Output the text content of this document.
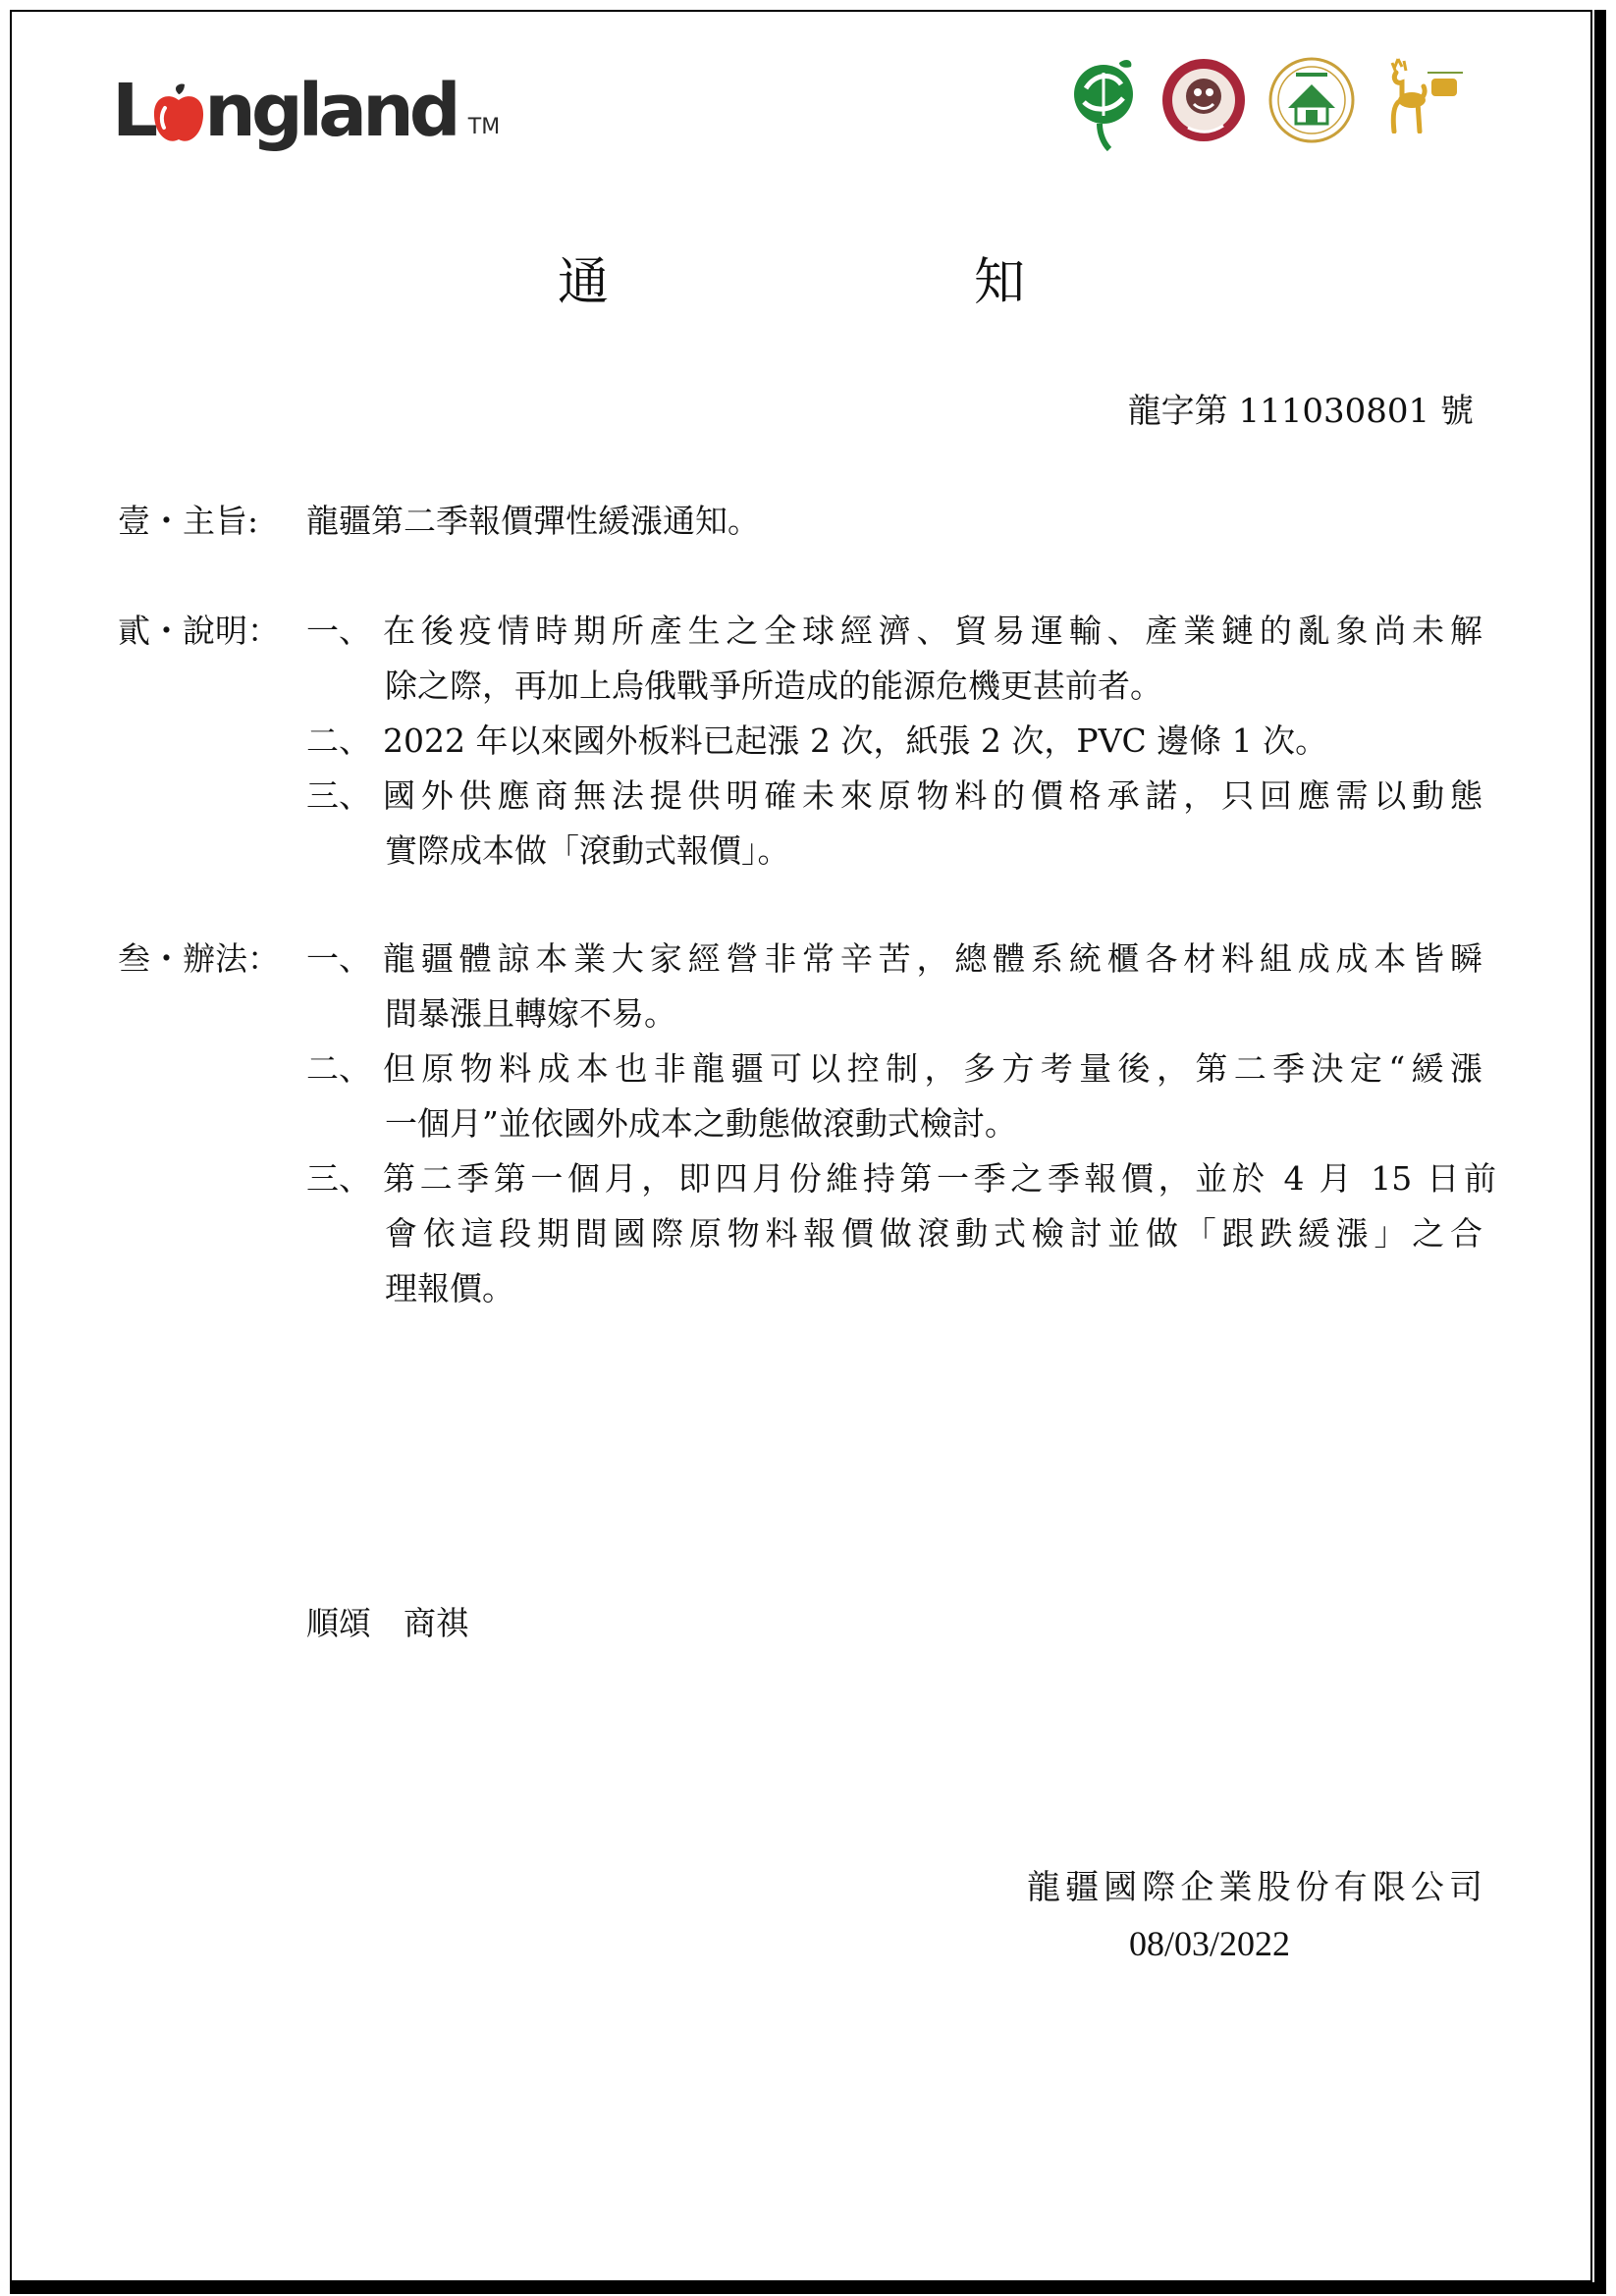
L ngland TM
通　知
龍字第 111030801 號
壹・主旨: 龍疆第二季報價彈性緩漲通知。
貳・說明： 一、 在後疫情時期所產生之全球經濟、貿易運輸、產業鏈的亂象尚未解
除之際，再加上烏俄戰爭所造成的能源危機更甚前者。
二、 2022 年以來國外板料已起漲 2 次，紙張 2 次，PVC 邊條 1 次。
三、 國外供應商無法提供明確未來原物料的價格承諾，只回應需以動態
實際成本做「滾動式報價」。
叁・辦法： 一、 龍疆體諒本業大家經營非常辛苦，總體系統櫃各材料組成成本皆瞬
間暴漲且轉嫁不易。
二、 但原物料成本也非龍疆可以控制，多方考量後，第二季決定“緩漲
一個月”並依國外成本之動態做滾動式檢討。
三、 第二季第一個月，即四月份維持第一季之季報價，並於 4 月 15 日前
會依這段期間國際原物料報價做滾動式檢討並做「跟跌緩漲」之合
理報價。
順頌　商祺
龍疆國際企業股份有限公司
08/03/2022
